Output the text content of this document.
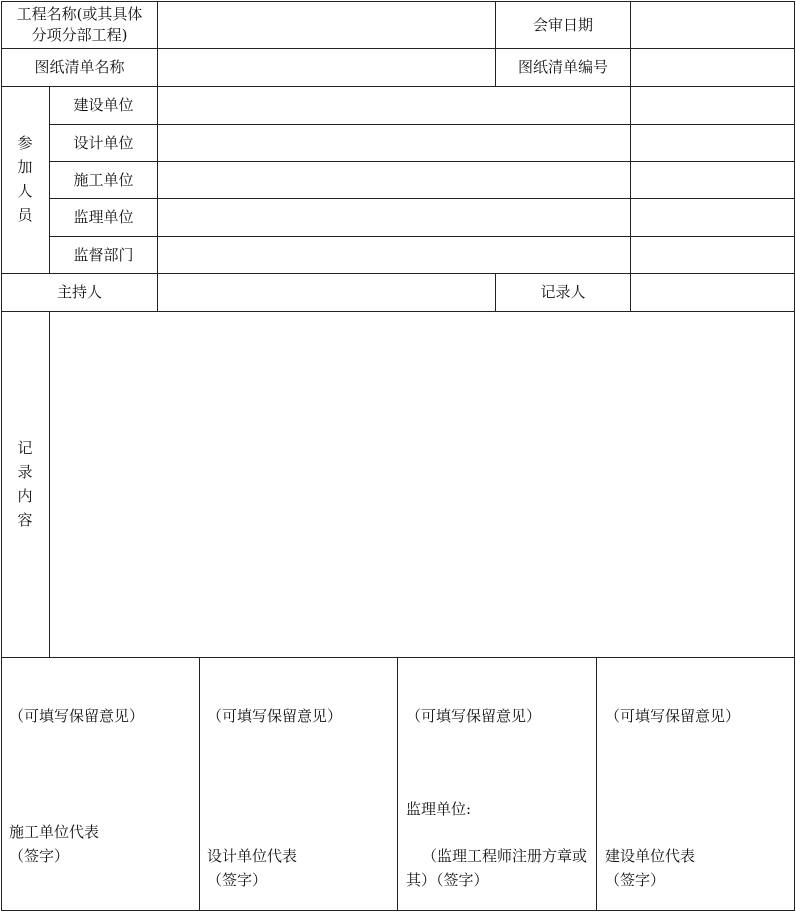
工程名称(或其具体
分项分部工程)
会审日期
图纸清单名称	图纸清单编号
参
加
人
员
建设单位
设计单位
施工单位
监理单位
监督部门
主持人	记录人
记
录
内
容
（可填写保留意见）
施工单位代表
（签字）
（可填写保留意见）
设计单位代表
（签字）
（可填写保留意见）
监理单位:
（监理工程师注册方章或其）（签字）
（可填写保留意见）
建设单位代表
（签字）
